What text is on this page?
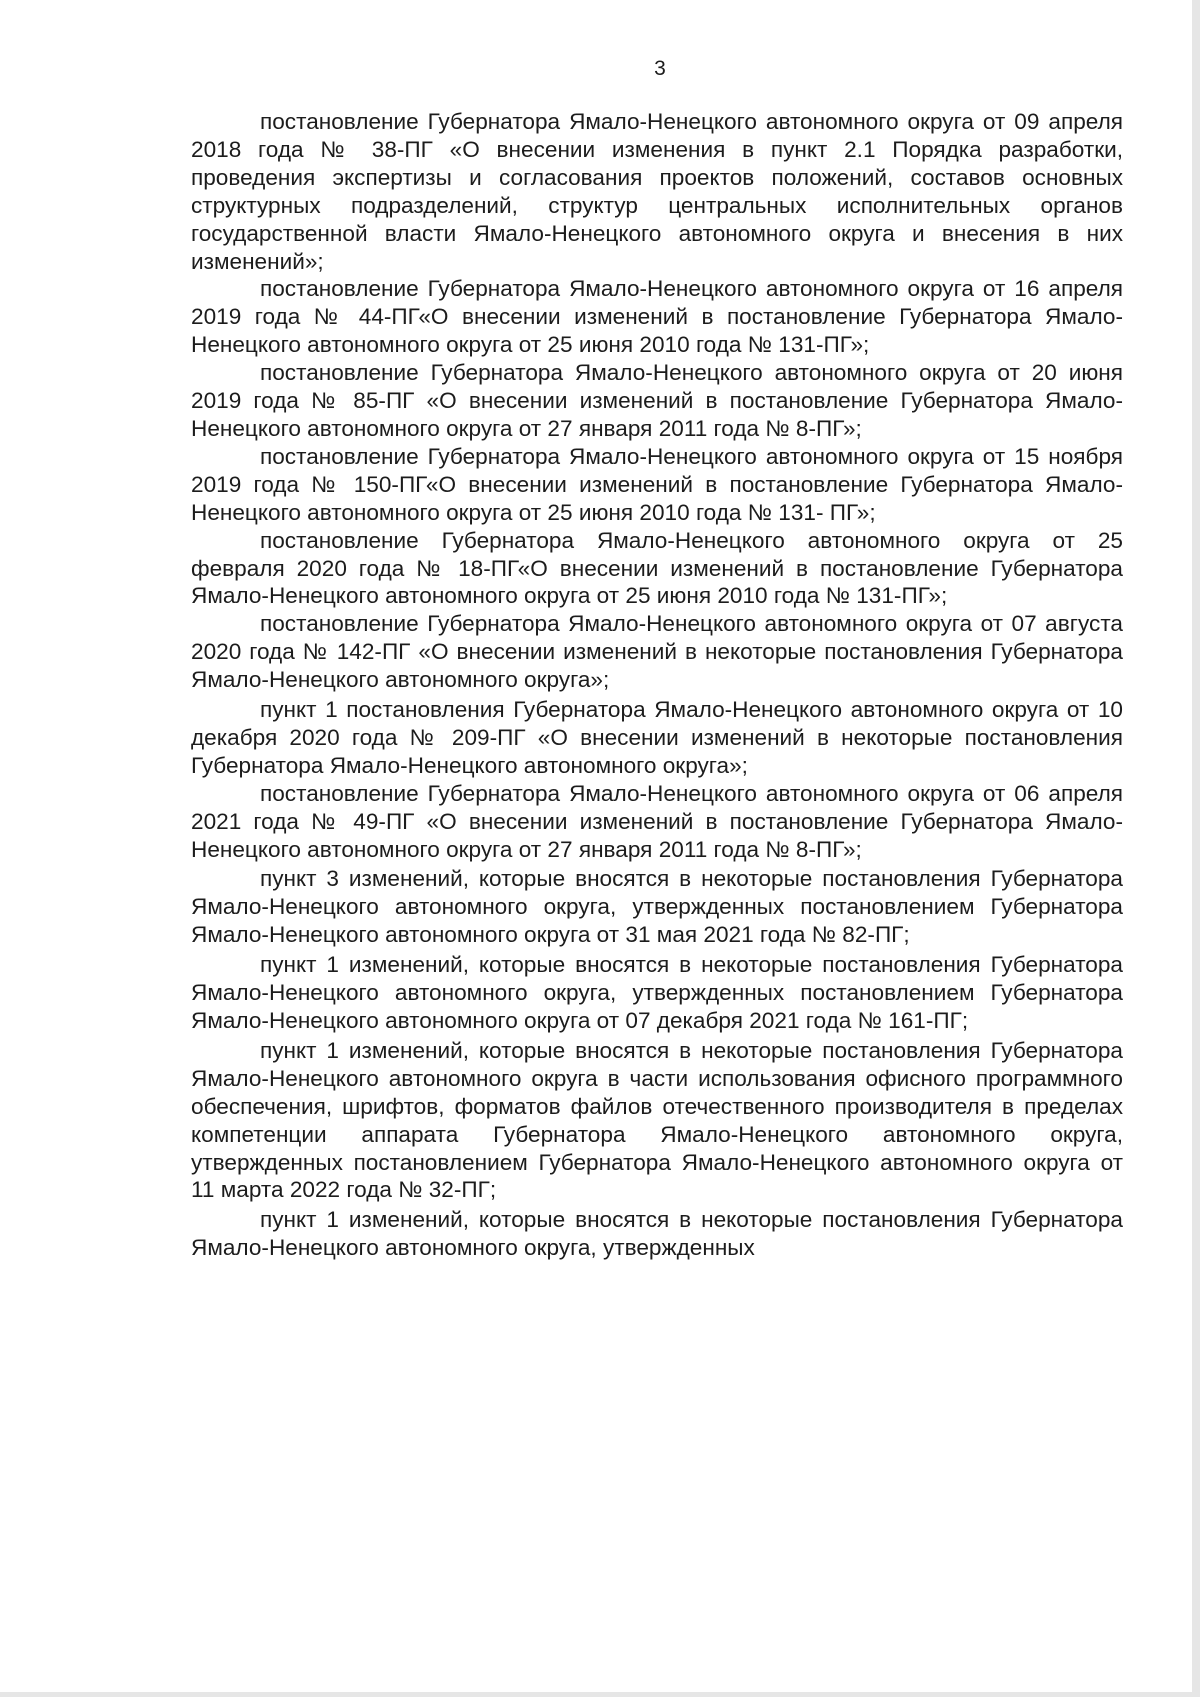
3

постановление Губернатора Ямало-Ненецкого автономного округа от 09 апреля 2018 года № 38-ПГ «О внесении изменения в пункт 2.1 Порядка разработки, проведения экспертизы и согласования проектов положений, составов основных структурных подразделений, структур центральных исполнительных органов государственной власти Ямало-Ненецкого автономного округа и внесения в них изменений»;

постановление Губернатора Ямало-Ненецкого автономного округа от 16 апреля 2019 года № 44-ПГ«О внесении изменений в постановление Губернатора Ямало-Ненецкого автономного округа от 25 июня 2010 года № 131-ПГ»;

постановление Губернатора Ямало-Ненецкого автономного округа от 20 июня 2019 года № 85-ПГ «О внесении изменений в постановление Губернатора Ямало-Ненецкого автономного округа от 27 января 2011 года № 8-ПГ»;

постановление Губернатора Ямало-Ненецкого автономного округа от 15 ноября 2019 года № 150-ПГ«О внесении изменений в постановление Губернатора Ямало-Ненецкого автономного округа от 25 июня 2010 года № 131- ПГ»;

постановление Губернатора Ямало-Ненецкого автономного округа от 25 февраля 2020 года № 18-ПГ«О внесении изменений в постановление Губернатора Ямало-Ненецкого автономного округа от 25 июня 2010 года № 131-ПГ»;

постановление Губернатора Ямало-Ненецкого автономного округа от 07 августа 2020 года № 142-ПГ «О внесении изменений в некоторые постановления Губернатора Ямало-Ненецкого автономного округа»;

пункт 1 постановления Губернатора Ямало-Ненецкого автономного округа от 10 декабря 2020 года № 209-ПГ «О внесении изменений в некоторые постановления Губернатора Ямало-Ненецкого автономного округа»;

постановление Губернатора Ямало-Ненецкого автономного округа от 06 апреля 2021 года № 49-ПГ «О внесении изменений в постановление Губернатора Ямало-Ненецкого автономного округа от 27 января 2011 года № 8-ПГ»;

пункт 3 изменений, которые вносятся в некоторые постановления Губернатора Ямало-Ненецкого автономного округа, утвержденных постановлением Губернатора Ямало-Ненецкого автономного округа от 31 мая 2021 года № 82-ПГ;

пункт 1 изменений, которые вносятся в некоторые постановления Губернатора Ямало-Ненецкого автономного округа, утвержденных постановлением Губернатора Ямало-Ненецкого автономного округа от 07 декабря 2021 года № 161-ПГ;

пункт 1 изменений, которые вносятся в некоторые постановления Губернатора Ямало-Ненецкого автономного округа в части использования офисного программного обеспечения, шрифтов, форматов файлов отечественного производителя в пределах компетенции аппарата Губернатора Ямало-Ненецкого автономного округа, утвержденных постановлением Губернатора Ямало-Ненецкого автономного округа от 11 марта 2022 года № 32-ПГ;

пункт 1 изменений, которые вносятся в некоторые постановления Губернатора Ямало-Ненецкого автономного округа, утвержденных
